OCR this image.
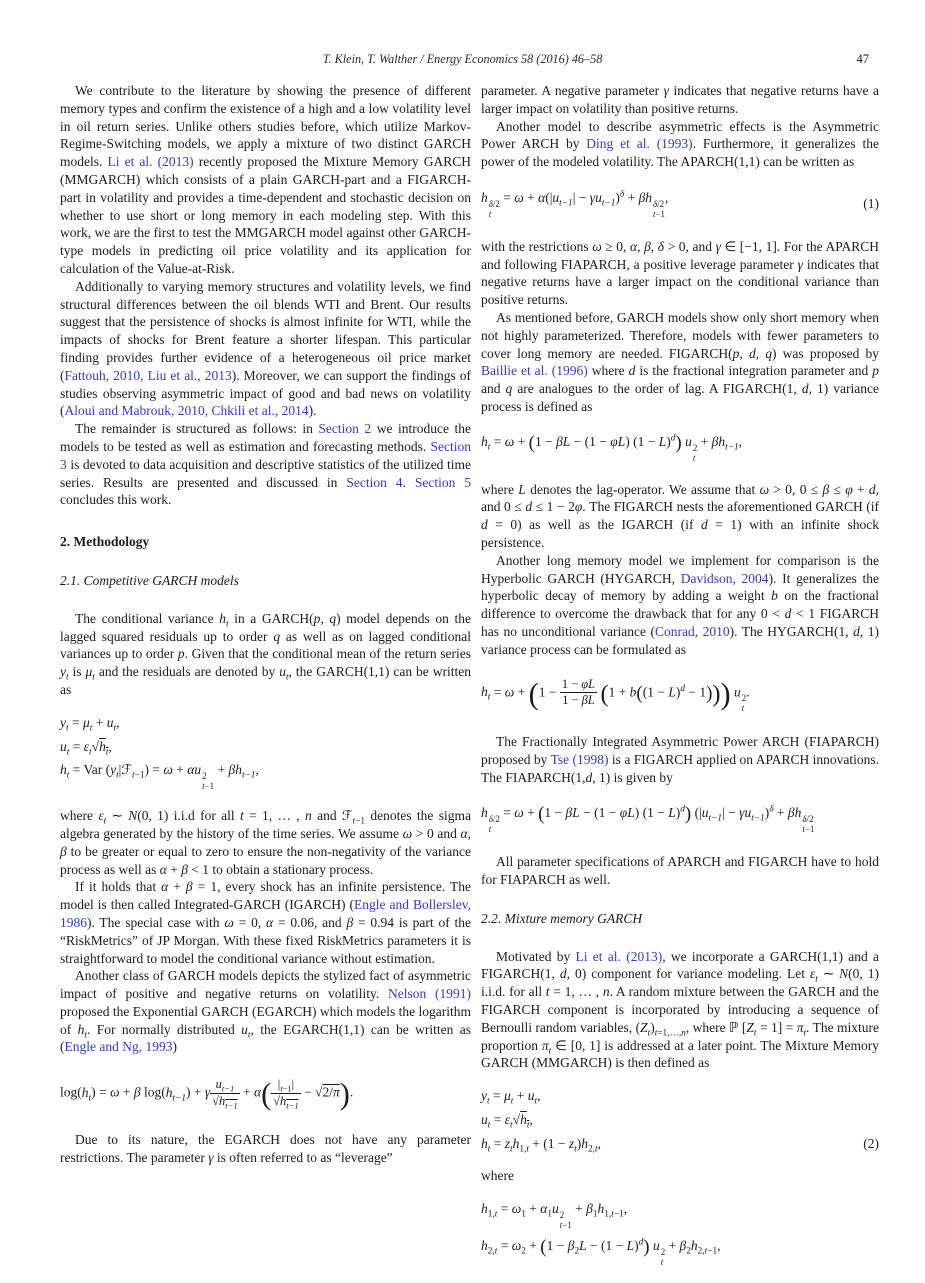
T. Klein, T. Walther / Energy Economics 58 (2016) 46–58	47

We contribute to the literature by showing the presence of different memory types and confirm the existence of a high and a low volatility level in oil return series. Unlike others studies before, which utilize Markov-Regime-Switching models, we apply a mixture of two distinct GARCH models. Li et al. (2013) recently proposed the Mixture Memory GARCH (MMGARCH) which consists of a plain GARCH-part and a FIGARCH-part in volatility and provides a time-dependent and stochastic decision on whether to use short or long memory in each modeling step. With this work, we are the first to test the MMGARCH model against other GARCH-type models in predicting oil price volatility and its application for calculation of the Value-at-Risk.

Additionally to varying memory structures and volatility levels, we find structural differences between the oil blends WTI and Brent. Our results suggest that the persistence of shocks is almost infinite for WTI, while the impacts of shocks for Brent feature a shorter lifespan. This particular finding provides further evidence of a heterogeneous oil price market (Fattouh, 2010, Liu et al., 2013). Moreover, we can support the findings of studies observing asymmetric impact of good and bad news on volatility (Aloui and Mabrouk, 2010, Chkili et al., 2014).

The remainder is structured as follows: in Section 2 we introduce the models to be tested as well as estimation and forecasting methods. Section 3 is devoted to data acquisition and descriptive statistics of the utilized time series. Results are presented and discussed in Section 4. Section 5 concludes this work.

2. Methodology

2.1. Competitive GARCH models

The conditional variance $h_t$ in a GARCH(p, q) model depends on the lagged squared residuals up to order q as well as on lagged conditional variances up to order p. Given that the conditional mean of the return series $y_t$ is $\mu_t$ and the residuals are denoted by $u_t$, the GARCH(1,1) can be written as

$y_t = \mu_t + u_t$,
$u_t = \varepsilon_t√h_t$,
$h_t$ = Var $(y_t|ℱ_{t-1}) = \omega + \alpha u$ 2
t−1
+ $\beta h_{t-1}$,

where $\varepsilon_t$ ∼ N(0, 1) i.i.d for all t = 1, … , n and ℱ$_{t-1}$ denotes the sigma algebra generated by the history of the time series. We assume ω > 0 and α, β to be greater or equal to zero to ensure the non-negativity of the variance process as well as α + β < 1 to obtain a stationary process.

If it holds that α + β = 1, every shock has an infinite persistence. The model is then called Integrated-GARCH (IGARCH) (Engle and Bollerslev, 1986). The special case with ω = 0, α = 0.06, and β = 0.94 is part of the “RiskMetrics” of JP Morgan. With these fixed RiskMetrics parameters it is straightforward to model the conditional variance without estimation.

Another class of GARCH models depicts the stylized fact of asymmetric impact of positive and negative returns on volatility. Nelson (1991) proposed the Exponential GARCH (EGARCH) which models the logarithm of $h_t$. For normally distributed $u_t$, the EGARCH(1,1) can be written as (Engle and Ng, 1993)

$\log(h_t) = \omega + \beta$ $\log(h_{t-1}) + \gamma \frac{u_{t-1}}{√h_{t-1}} + \alpha( \frac{|_{t-1}|}{√h_{t-1}} - √2/\pi)$.

Due to its nature, the EGARCH does not have any parameter restrictions. The parameter γ is often referred to as “leverage”

parameter. A negative parameter γ indicates that negative returns have a larger impact on volatility than positive returns.

Another model to describe asymmetric effects is the Asymmetric Power ARCH by Ding et al. (1993). Furthermore, it generalizes the power of the modeled volatility. The APARCH(1,1) can be written as

h δ/2
t
= $\omega + \alpha(|u_{t-1}| - \gamma u_{t-1})^\delta + \beta h$ δ/2
t−1
,	(1)

with the restrictions ω ≥ 0, α, β, δ > 0, and γ ∈ [−1, 1]. For the APARCH and following FIAPARCH, a positive leverage parameter γ indicates that negative returns have a larger impact on the conditional variance than positive returns.

As mentioned before, GARCH models show only short memory when not highly parameterized. Therefore, models with fewer parameters to cover long memory are needed. FIGARCH(p, d, q) was proposed by Baillie et al. (1996) where d is the fractional integration parameter and p and q are analogues to the order of lag. A FIGARCH(1, d, 1) variance process is defined as

$h_t = \omega + (1 - \beta L - (1 - \varphi L) (1 - L)^d)$ u 2
t
+ $\beta h_{t-1}$,

where L denotes the lag-operator. We assume that ω > 0, 0 ≤ β ≤ φ + d, and 0 ≤ d ≤ 1 − 2φ. The FIGARCH nests the aforementioned GARCH (if d = 0) as well as the IGARCH (if d = 1) with an infinite shock persistence.

Another long memory model we implement for comparison is the Hyperbolic GARCH (HYGARCH, Davidson, 2004). It generalizes the hyperbolic decay of memory by adding a weight b on the fractional difference to overcome the drawback that for any 0 < d < 1 FIGARCH has no unconditional variance (Conrad, 2010). The HYGARCH(1, d, 1) variance process can be formulated as

$h_t = \omega + (1 - \frac{1 - \varphi L}{1 - \beta L} (1 + b((1 - L)^d - 1)))$ u 2
t
.

The Fractionally Integrated Asymmetric Power ARCH (FIAPARCH) proposed by Tse (1998) is a FIGARCH applied on APARCH innovations. The FIAPARCH(1,d, 1) is given by

h δ/2
t
= ω + (1 − βL − (1 − φL) $(1 - L)^d$) $(|u_{t-1}| - \gamma u_{t-1})^\delta + \beta h$ δ/2
t−1

All parameter specifications of APARCH and FIGARCH have to hold for FIAPARCH as well.

2.2. Mixture memory GARCH

Motivated by Li et al. (2013), we incorporate a GARCH(1,1) and a FIGARCH(1, d, 0) component for variance modeling. Let $\varepsilon_t$ ∼ N(0, 1) i.i.d. for all t = 1, … , n. A random mixture between the GARCH and the FIGARCH component is incorporated by introducing a sequence of Bernoulli random variables, $(Z_t)_{t=1,\dots,n}$, where ℙ $[Z_t = 1] = \pi_t$. The mixture proportion $\pi_t$ ∈ [0, 1] is addressed at a later point. The Mixture Memory GARCH (MMGARCH) is then defined as

$y_t = \mu_t + u_t$,
$u_t = \varepsilon_t√h_t$,
$h_t = z_th_{1,t} + (1 - z_t)h_{2,t}$,	(2)

where

$h_{1,t} = \omega_1 + \alpha_1u$ 2
t−1
+ $\beta_1h_{1,t-1}$,
$h_{2,t} = \omega_2 + (1 - \beta_2L - (1 - L)^d)$ u 2
t
+ $\beta_2h_{2,t-1}$,
